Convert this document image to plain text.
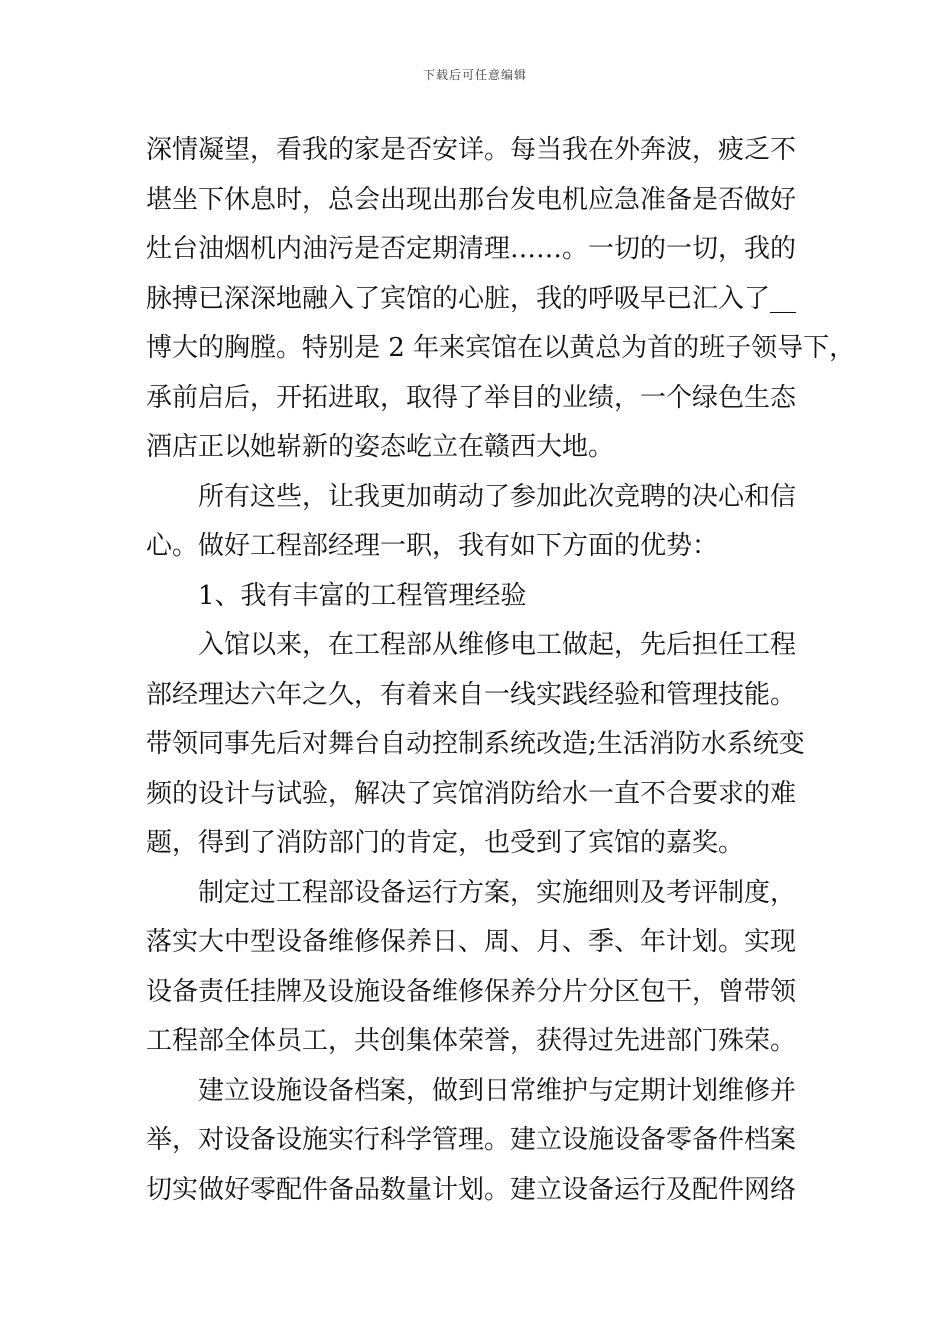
下载后可任意编辑
深情凝望，看我的家是否安详。每当我在外奔波，疲乏不
堪坐下休息时，总会出现出那台发电机应急准备是否做好
灶台油烟机内油污是否定期清理……。一切的一切，我的
脉搏已深深地融入了宾馆的心脏，我的呼吸早已汇入了__
博大的胸膛。特别是 2 年来宾馆在以黄总为首的班子领导下，
承前启后，开拓进取，取得了举目的业绩，一个绿色生态
酒店正以她崭新的姿态屹立在赣西大地。
所有这些，让我更加萌动了参加此次竞聘的决心和信
心。做好工程部经理一职，我有如下方面的优势：
1、我有丰富的工程管理经验
入馆以来，在工程部从维修电工做起，先后担任工程
部经理达六年之久，有着来自一线实践经验和管理技能。
带领同事先后对舞台自动控制系统改造;生活消防水系统变
频的设计与试验，解决了宾馆消防给水一直不合要求的难
题，得到了消防部门的肯定，也受到了宾馆的嘉奖。
制定过工程部设备运行方案，实施细则及考评制度，
落实大中型设备维修保养日、周、月、季、年计划。实现
设备责任挂牌及设施设备维修保养分片分区包干，曾带领
工程部全体员工，共创集体荣誉，获得过先进部门殊荣。
建立设施设备档案，做到日常维护与定期计划维修并
举，对设备设施实行科学管理。建立设施设备零备件档案
切实做好零配件备品数量计划。建立设备运行及配件网络
